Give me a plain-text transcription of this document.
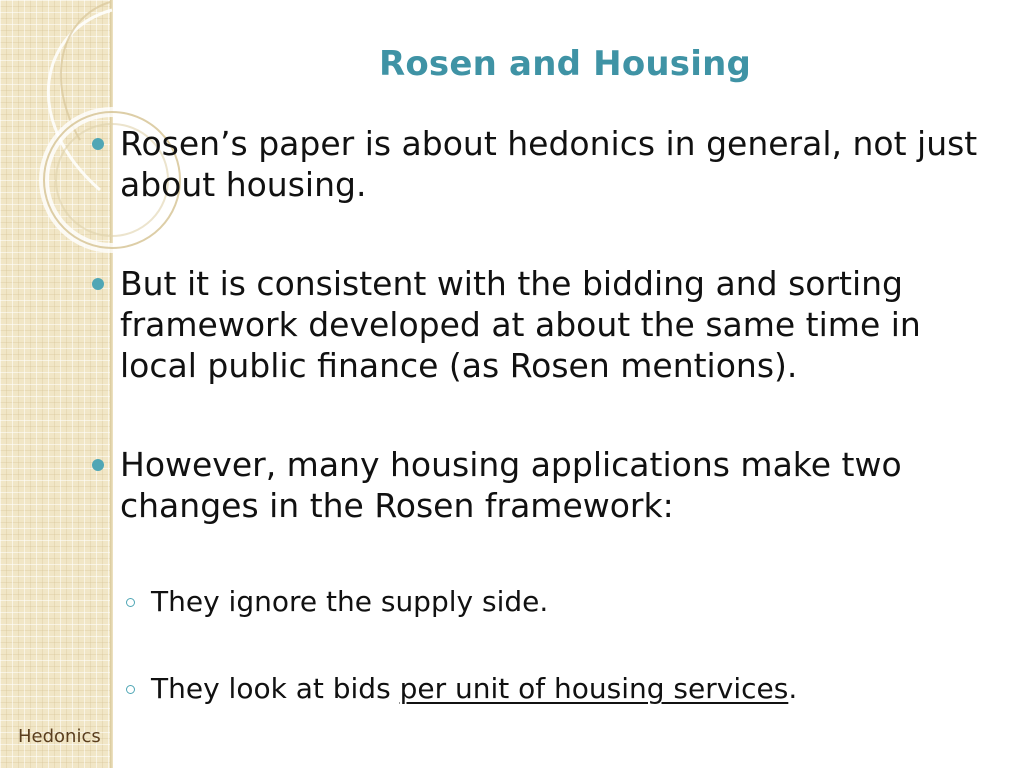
Hedonics
Rosen and Housing
Rosen’s paper is about hedonics in general, not just about housing.
But it is consistent with the bidding and sorting framework developed at about the same time in local public finance (as Rosen mentions).
However, many housing applications make two changes in the Rosen framework:
They ignore the supply side.
They look at bids per unit of housing services.
